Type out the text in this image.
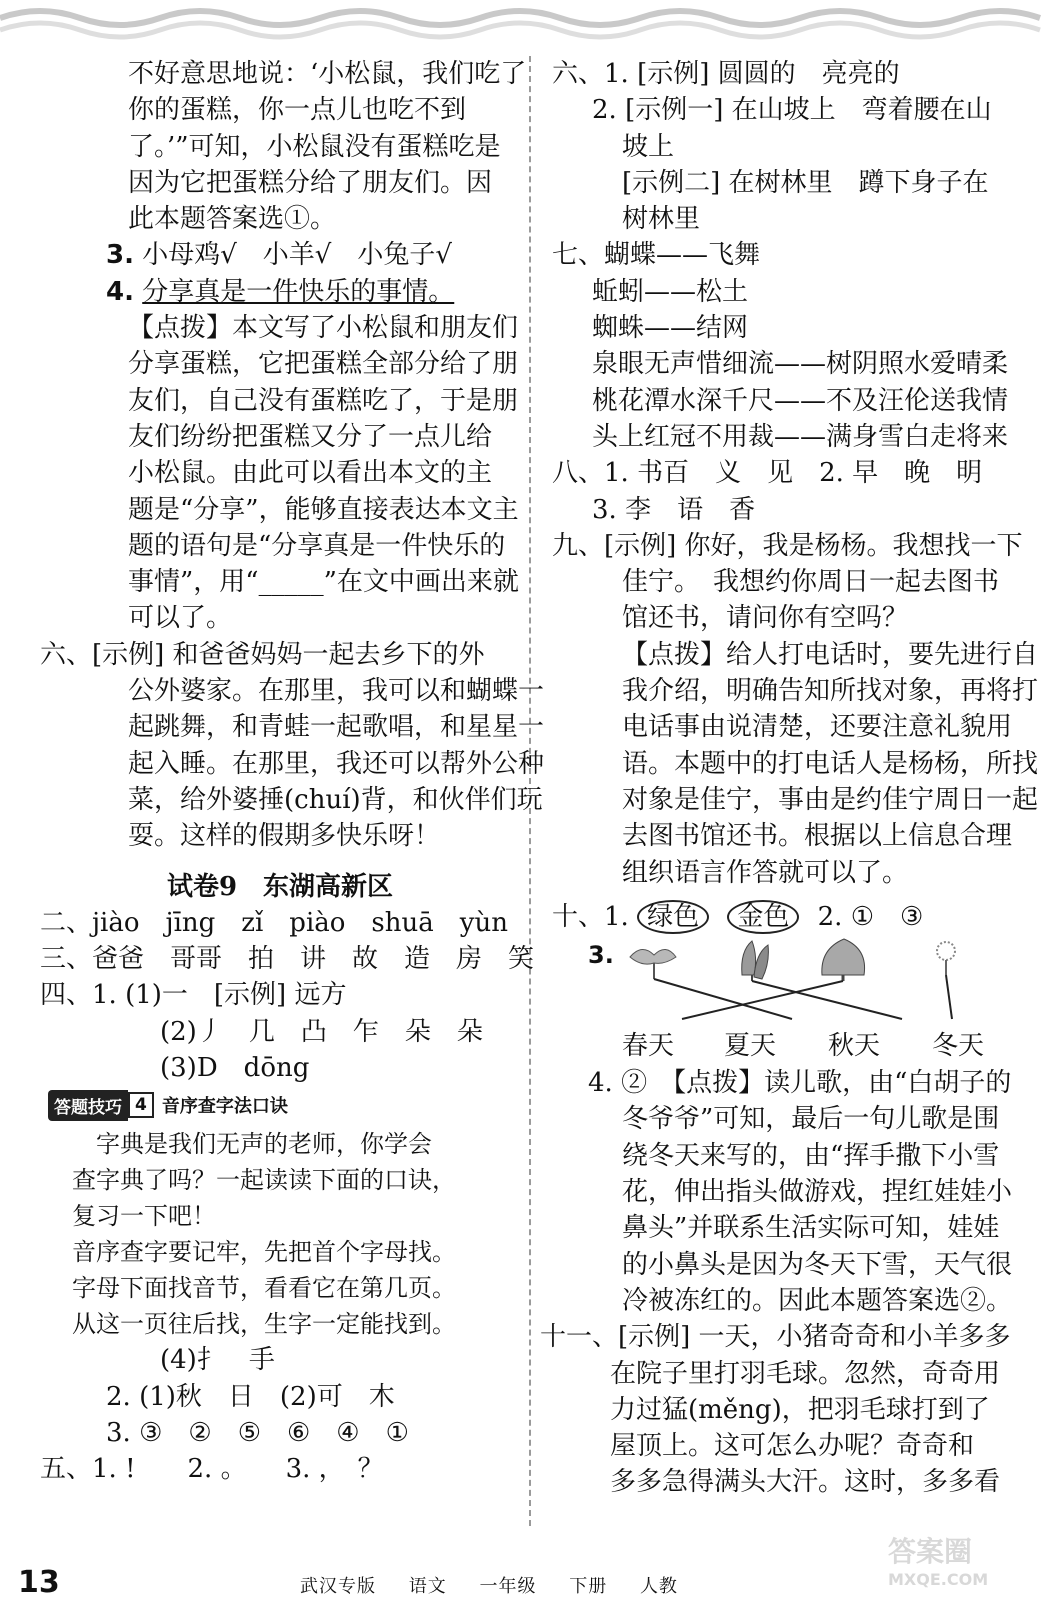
不好意思地说：‘小松鼠，我们吃了
你的蛋糕，你一点儿也吃不到
了。’”可知，小松鼠没有蛋糕吃是
因为它把蛋糕分给了朋友们。因
此本题答案选①。
3. 小母鸡√　小羊√　小兔子√
4. 分享真是一件快乐的事情。
【点拨】本文写了小松鼠和朋友们
分享蛋糕，它把蛋糕全部分给了朋
友们，自己没有蛋糕吃了，于是朋
友们纷纷把蛋糕又分了一点儿给
小松鼠。由此可以看出本文的主
题是“分享”，能够直接表达本文主
题的语句是“分享真是一件快乐的
事情”，用“_____”在文中画出来就
可以了。
六、[示例] 和爸爸妈妈一起去乡下的外
公外婆家。在那里，我可以和蝴蝶一
起跳舞，和青蛙一起歌唱，和星星一
起入睡。在那里，我还可以帮外公种
菜，给外婆捶(chuí)背，和伙伴们玩
耍。这样的假期多快乐呀！
试卷9　东湖高新区
二、jiào　jīng　zǐ　piào　shuā　yùn
三、爸爸　哥哥　拍　讲　故　造　房　笑
四、1. (1)一　[示例] 远方
(2)丿　几　凸　乍　朵　朵
(3)D　dōng
答题技巧 4 音序查字法口诀
　字典是我们无声的老师，你学会
查字典了吗？一起读读下面的口诀，
复习一下吧！
音序查字要记牢，先把首个字母找。
字母下面找音节，看看它在第几页。
从这一页往后找，生字一定能找到。
(4)扌　手
2. (1)秋　日　(2)可　木
3. ③　②　⑤　⑥　④　①
五、1. !　　2. 。　　3. ，　？
六、1. [示例] 圆圆的　亮亮的
2. [示例一] 在山坡上　弯着腰在山
坡上
[示例二] 在树林里　蹲下身子在
树林里
七、蝴蝶——飞舞
蚯蚓——松土
蜘蛛——结网
泉眼无声惜细流——树阴照水爱晴柔
桃花潭水深千尺——不及汪伦送我情
头上红冠不用裁——满身雪白走将来
八、1. 书百　义　见　2. 早　晚　明
3. 李　语　香
九、[示例] 你好，我是杨杨。我想找一下
佳宁。　我想约你周日一起去图书
馆还书，请问你有空吗？
【点拨】给人打电话时，要先进行自
我介绍，明确告知所找对象，再将打
电话事由说清楚，还要注意礼貌用
语。本题中的打电话人是杨杨，所找
对象是佳宁，事由是约佳宁周日一起
去图书馆还书。根据以上信息合理
组织语言作答就可以了。
十、1. 绿色 金色 2. ①　③
3.
春天 夏天 秋天 冬天
4. ②　【点拨】读儿歌，由“白胡子的
冬爷爷”可知，最后一句儿歌是围
绕冬天来写的，由“挥手撒下小雪
花，伸出指头做游戏，捏红娃娃小
鼻头”并联系生活实际可知，娃娃
的小鼻头是因为冬天下雪，天气很
冷被冻红的。因此本题答案选②。
十一、[示例] 一天，小猪奇奇和小羊多多
在院子里打羽毛球。忽然，奇奇用
力过猛(měng)，把羽毛球打到了
屋顶上。这可怎么办呢？奇奇和
多多急得满头大汗。这时，多多看
13	武汉专版 语文 一年级 下册 人教
答案圈
MXQE.COM
